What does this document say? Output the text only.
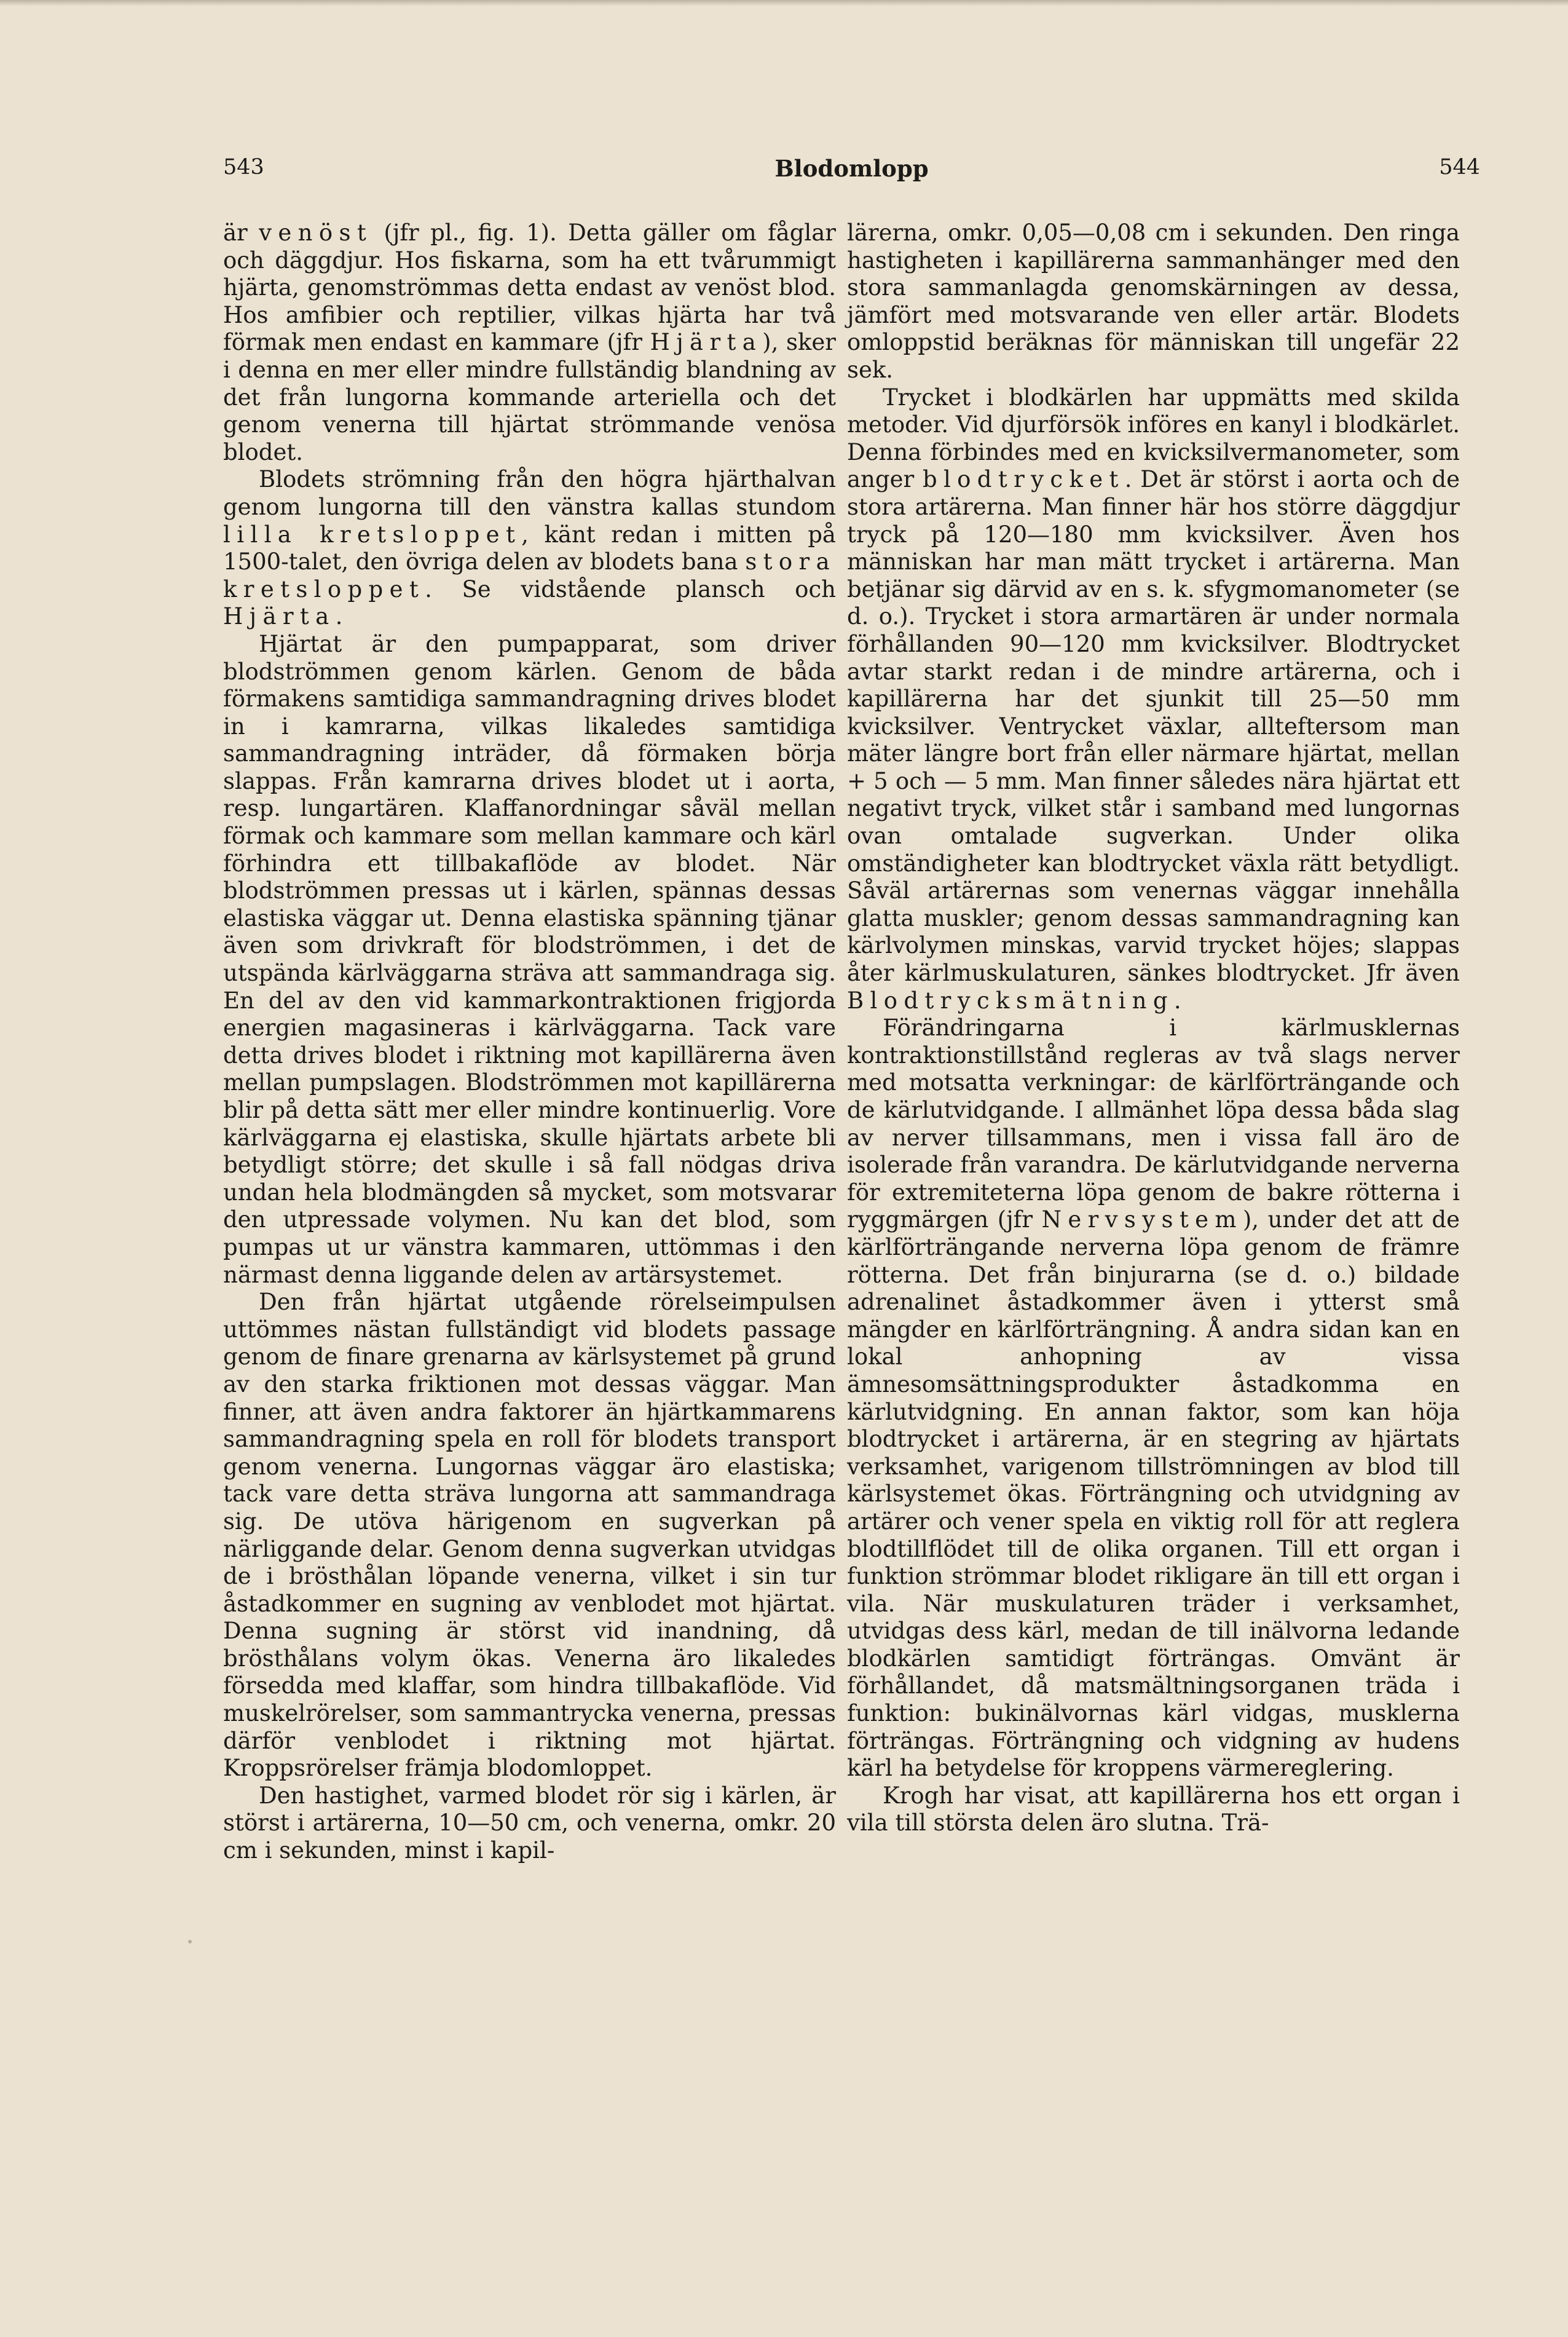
543	Blodomlopp	544

är venöst (jfr pl., fig. 1). Detta gäller om fåglar och däggdjur. Hos fiskarna, som ha ett tvårummigt hjärta, genomströmmas detta endast av venöst blod. Hos amfibier och reptilier, vilkas hjärta har två förmak men endast en kammare (jfr Hjärta), sker i denna en mer eller mindre fullständig blandning av det från lungorna kommande arteriella och det genom venerna till hjärtat strömmande venösa blodet.

Blodets strömning från den högra hjärthalvan genom lungorna till den vänstra kallas stundom lilla kretsloppet, känt redan i mitten på 1500-talet, den övriga delen av blodets bana stora kretsloppet. Se vidstående plansch och Hjärta.

Hjärtat är den pumpapparat, som driver blodströmmen genom kärlen. Genom de båda förmakens samtidiga sammandragning drives blodet in i kamrarna, vilkas likaledes samtidiga sammandragning inträder, då förmaken börja slappas. Från kamrarna drives blodet ut i aorta, resp. lungartären. Klaffanordningar såväl mellan förmak och kammare som mellan kammare och kärl förhindra ett tillbakaflöde av blodet. När blodströmmen pressas ut i kärlen, spännas dessas elastiska väggar ut. Denna elastiska spänning tjänar även som drivkraft för blodströmmen, i det de utspända kärlväggarna sträva att sammandraga sig. En del av den vid kammarkontraktionen frigjorda energien magasineras i kärlväggarna. Tack vare detta drives blodet i riktning mot kapillärerna även mellan pumpslagen. Blodströmmen mot kapillärerna blir på detta sätt mer eller mindre kontinuerlig. Vore kärlväggarna ej elastiska, skulle hjärtats arbete bli betydligt större; det skulle i så fall nödgas driva undan hela blodmängden så mycket, som motsvarar den utpressade volymen. Nu kan det blod, som pumpas ut ur vänstra kammaren, uttömmas i den närmast denna liggande delen av artärsystemet.

Den från hjärtat utgående rörelseimpulsen uttömmes nästan fullständigt vid blodets passage genom de finare grenarna av kärlsystemet på grund av den starka friktionen mot dessas väggar. Man finner, att även andra faktorer än hjärtkammarens sammandragning spela en roll för blodets transport genom venerna. Lungornas väggar äro elastiska; tack vare detta sträva lungorna att sammandraga sig. De utöva härigenom en sugverkan på närliggande delar. Genom denna sugverkan utvidgas de i brösthålan löpande venerna, vilket i sin tur åstadkommer en sugning av venblodet mot hjärtat. Denna sugning är störst vid inandning, då brösthålans volym ökas. Venerna äro likaledes försedda med klaffar, som hindra tillbakaflöde. Vid muskelrörelser, som sammantrycka venerna, pressas därför venblodet i riktning mot hjärtat. Kroppsrörelser främja blodomloppet.

Den hastighet, varmed blodet rör sig i kärlen, är störst i artärerna, 10—50 cm, och venerna, omkr. 20 cm i sekunden, minst i kapil-

lärerna, omkr. 0,05—0,08 cm i sekunden. Den ringa hastigheten i kapillärerna sammanhänger med den stora sammanlagda genomskärningen av dessa, jämfört med motsvarande ven eller artär. Blodets omloppstid beräknas för människan till ungefär 22 sek.

Trycket i blodkärlen har uppmätts med skilda metoder. Vid djurförsök införes en kanyl i blodkärlet. Denna förbindes med en kvicksilvermanometer, som anger blodtrycket. Det är störst i aorta och de stora artärerna. Man finner här hos större däggdjur tryck på 120—180 mm kvicksilver. Även hos människan har man mätt trycket i artärerna. Man betjänar sig därvid av en s. k. sfygmomanometer (se d. o.). Trycket i stora armartären är under normala förhållanden 90—120 mm kvicksilver. Blodtrycket avtar starkt redan i de mindre artärerna, och i kapillärerna har det sjunkit till 25—50 mm kvicksilver. Ventrycket växlar, allteftersom man mäter längre bort från eller närmare hjärtat, mellan + 5 och — 5 mm. Man finner således nära hjärtat ett negativt tryck, vilket står i samband med lungornas ovan omtalade sugverkan. Under olika omständigheter kan blodtrycket växla rätt betydligt. Såväl artärernas som venernas väggar innehålla glatta muskler; genom dessas sammandragning kan kärlvolymen minskas, varvid trycket höjes; slappas åter kärlmuskulaturen, sänkes blodtrycket. Jfr även Blodtrycksmätning.

Förändringarna i kärlmusklernas kontraktionstillstånd regleras av två slags nerver med motsatta verkningar: de kärlförträngande och de kärlutvidgande. I allmänhet löpa dessa båda slag av nerver tillsammans, men i vissa fall äro de isolerade från varandra. De kärlutvidgande nerverna för extremiteterna löpa genom de bakre rötterna i ryggmärgen (jfr Nervsystem), under det att de kärlförträngande nerverna löpa genom de främre rötterna. Det från binjurarna (se d. o.) bildade adrenalinet åstadkommer även i ytterst små mängder en kärlförträngning. Å andra sidan kan en lokal anhopning av vissa ämnesomsättningsprodukter åstadkomma en kärlutvidgning. En annan faktor, som kan höja blodtrycket i artärerna, är en stegring av hjärtats verksamhet, varigenom tillströmningen av blod till kärlsystemet ökas. Förträngning och utvidgning av artärer och vener spela en viktig roll för att reglera blodtillflödet till de olika organen. Till ett organ i funktion strömmar blodet rikligare än till ett organ i vila. När muskulaturen träder i verksamhet, utvidgas dess kärl, medan de till inälvorna ledande blodkärlen samtidigt förträngas. Omvänt är förhållandet, då matsmältningsorganen träda i funktion: bukinälvornas kärl vidgas, musklerna förträngas. Förträngning och vidgning av hudens kärl ha betydelse för kroppens värmereglering.

Krogh har visat, att kapillärerna hos ett organ i vila till största delen äro slutna. Trä-
